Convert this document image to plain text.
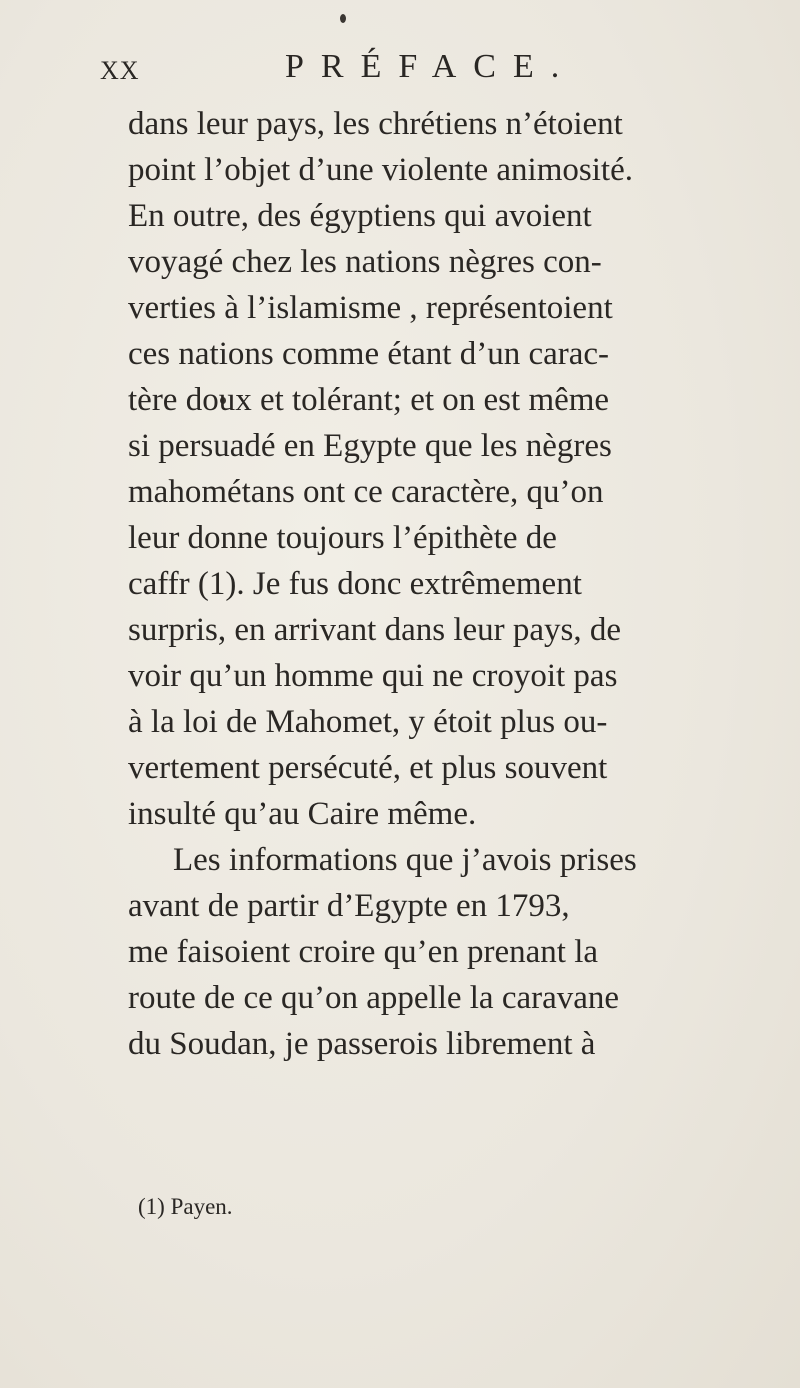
XX	PRÉFACE.
dans leur pays, les chrétiens n’étoient
point l’objet d’une violente animosité.
En outre, des égyptiens qui avoient
voyagé chez les nations nègres con-
verties à l’islamisme , représentoient
ces nations comme étant d’un carac-
tère doux et tolérant; et on est même
si persuadé en Egypte que les nègres
mahométans ont ce caractère, qu’on
leur donne toujours l’épithète de
caffr (1). Je fus donc extrêmement
surpris, en arrivant dans leur pays, de
voir qu’un homme qui ne croyoit pas
à la loi de Mahomet, y étoit plus ou-
vertement persécuté, et plus souvent
insulté qu’au Caire même.
Les informations que j’avois prises
avant de partir d’Egypte en 1793,
me faisoient croire qu’en prenant la
route de ce qu’on appelle la caravane
du Soudan, je passerois librement à
(1) Payen.
